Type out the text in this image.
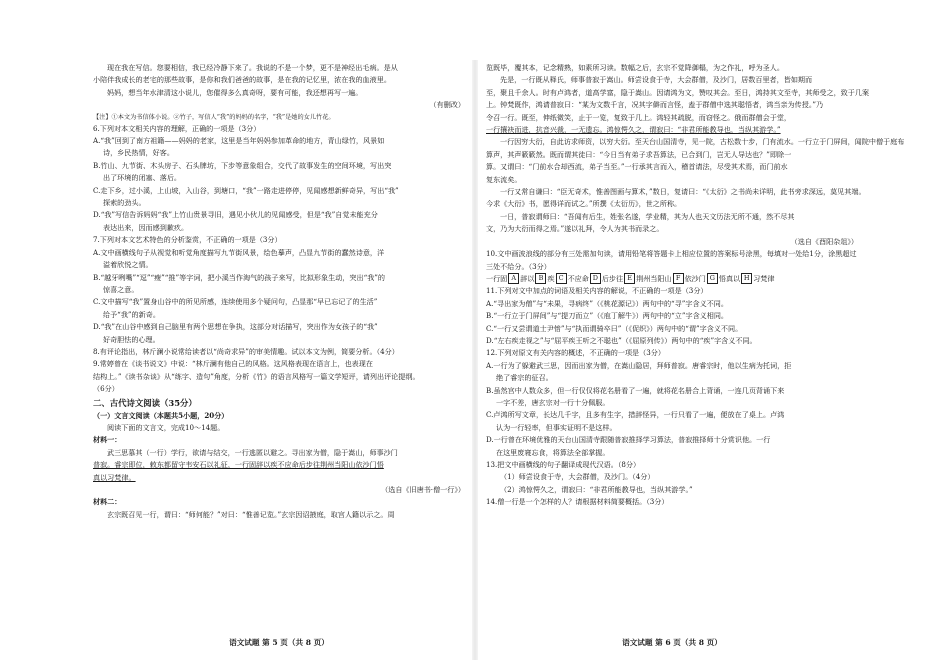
现在我在写信。您要相信，我已经冷静下来了。我说的不是一个梦，更不是神经出毛病。是从

小陪伴我成长的老宅的那些故事，是你和我们爸爸的故事，是在我的记忆里，浓在我的血液里。

妈妈，想当年水津清这小说儿，您催得多么真奇呀，要有可能，我还想再写一遍。

（有删改）

【注】①本文为书信体小说。②竹子，写信人“我”的妈妈的名字，“我”是她的女儿竹花。

6.下列对本文相关内容的理解，正确的一项是（3分）

A.“我”回到了南方祖籍——妈妈的老家，这里是当年妈妈参加革命的地方，青山绿竹，风景如

诗，乡民热情，好客。

B.竹山、九节街、木头房子、石头牌坊，下步等意象组合，交代了故事发生的空间环境，写出突

出了环境的闭塞、落后。

C.走下乡，过小溪，上山坡，入山谷，到塘口，“我”一路走进停停，见闻感想新鲜奇异，写出“我”

探索的劲头。

D.“我”写信告诉妈妈“我”上竹山贵景寻旧，遇见小伙儿的见闻感受，但是“我”自觉未能充分

表达出来，因而感到歉疚。

7.下列对本文艺术特色的分析鉴赏，不正确的一项是（3分）

A.文中画横线句子从视觉和听觉角度描写九节街风景，绘色摹声，凸显九节街的蠢然诗意，洋

溢着欣悦之情。

B.“越牙咧嘴”“逗”“瘦”“推”等字词，把小溪当作淘气的孩子来写，比拟形象生动，突出“我”的

惊喜之意。

C.文中描写“我”置身山谷中的所见所感，连续使用多个疑问句，凸显那“早已忘记了的生活”

给予“我”的新奇。

D.“我”在山谷中感到自己脑里有两个思想在争执，这部分对话描写，突出作为女孩子的“我”

好奇胆怯的心理。

8.有评论指出，林斤澜小说常给读者以“尚奇求异”的审美情趣。试以本文为例，简要分析。（4分）

9.常婷曾在《谈书说文》中说：“林斤澜有他自己的风格。这风格表现在语言上，也表现在

结构上。”《读书杂谈》从“练字、造句”角度，分析《竹》的语言风格写一篇文学短评，请列出评论提纲。

（6分）

二、古代诗文阅读（35分）

（一）文言文阅读（本题共5小题，20分）

阅读下面的文言文，完成10～14题。

材料一：

武三思慕其（一行）学行，欲请与结交，一行逃匿以避之。寻出家为僧，隐于嵩山，师事沙门

普寂。睿宗即位，敕东都留守韦安石以礼征，一行固辞以疾不应命后步往荆州当阳山依沙门悟

真以习梵律。

（选自《旧唐书·僧一行》）

材料二：

玄宗既召见一行，谓曰：“师何能？”对曰：“惟善记览。”玄宗因诏掖庭，取宫人籍以示之。周

语文试题 第 5 页（共 8 页）

览既毕，覆其本，记念精熟，如素所习读。数幅之后，玄宗不觉降御榻，为之作礼，呼为圣人。

先是，一行既从释氏，师事普寂于嵩山。师尝设食于寺，大会群僧，及沙门，居数百里者，皆如期而

至，聚且千余人。时有卢鸿者，道高学富，隐于嵩山。因请鸿为文，赞叹其会。至日，鸿持其文至寺，其师受之，致于几案

上。钟梵既作，鸿请普寂曰：“某为文数千言，况其字僻而言怪，盍于群僧中选其聪悟者，鸿当亲为传授。”乃

令召一行。既至，伸纸微笑，止于一览，复致于几上。鸿轻其疏脱，而窃怪之。俄而群僧会于堂，

一行攘袂而进，抗音兴裁，一无遗忘。鸿惊愕久之，谓寂曰：“非君所能教导也，当纵其游学。”

一行因穷大衍，自此访求师资，以穷大衍。至天台山国清寺，见一院，古松数十步，门有流水。一行立于门屏间，闻院中僧于庭布

算声，其声簌簌然。既而谓其徒曰：“今日当有弟子求吾算法，已合到门，岂无人导达也？”即除一

算。又谓曰：“门前水合却西流，弟子当至。”一行承其言而入，稽首请法，尽受其术焉，而门前水

复东流矣。

一行又常自谦曰：“臣无奇术，惟善图画与算术，”数日，复请曰：“《太衍》之书尚未详明，此书旁求深远，莫见其端。

今求《大衍》书，愿得详而试之。”所撰《太衍历》，世之所称。

一日，普寂谓师曰：“吾闻有后生，姓张名遂，学业精，其为人也天文历法无所不通，然不尽其

文，乃为大衍而得之焉。”遂以礼拜，令人为其书而录之。

（选自《酉阳杂俎》）

10.文中画波浪线的部分有三处需加句读，请用铅笔将答题卡上相应位置的答案标号涂黑，每填对一处给1分，涂黑超过三处不给分。（3分）

一行固 A 辞以 B 疾 C 不应命 D 后步往 E 荆州当阳山 F 依沙门 G 悟真以 H 习梵律

11.下列对文中加点的词语及相关内容的解说，不正确的一项是（3分）

A.“寻出家为僧”与“未果，寻病终”（《桃花源记》）两句中的“寻”字含义不同。

B.“一行立于门屏间”与“提刀而立”（《庖丁解牛》）两句中的“立”字含义相同。

C.“一行又尝谓道士尹愔”与“执而谓骑卒曰”（《促织》）两句中的“谓”字含义不同。

D.“左右疾走视之”与“屈平疾王听之不聪也”（《屈原列传》）两句中的“疾”字含义不同。

12.下列对原文有关内容的概述，不正确的一项是（3分）

A.一行为了躲避武三思，因而出家为僧，在嵩山隐居，拜师普寂。唐睿宗时，他以生病为托词，拒

绝了睿宗的征召。

B.虽然宫中人数众多，但一行仅仅将花名册看了一遍，就将花名册合上背诵，一连几页背诵下来

一字不差，唐玄宗对一行十分佩服。

C.卢鸿所写文章，长达几千字，且多有生字，措辞怪异，一行只看了一遍，便放在了桌上。卢鸿

认为一行轻率，但事实证明不是这样。

D.一行曾在环境优雅的天台山国清寺跟随普寂推择学习算法，普寂推择师十分赏识他。一行

在这里废寝忘食，将算法全部掌握。

13.把文中画横线的句子翻译成现代汉语。（8分）

（1）师尝设食于寺，大会群僧，及沙门。（4分）

（2）鸿惊愕久之，谓寂曰：“非君所能教导也，当纵其游学。”

14.僧一行是一个怎样的人？请根据材料简要概括。（3分）

语文试题 第 6 页（共 8 页）
